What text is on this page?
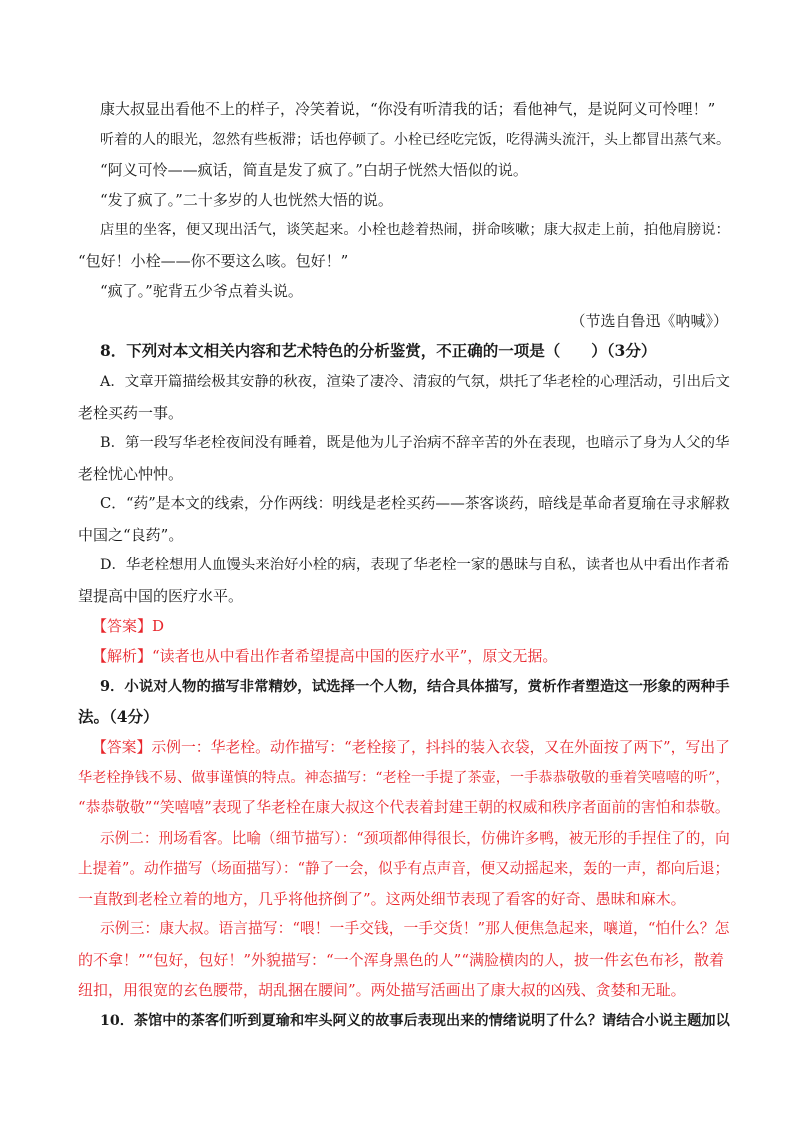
康大叔显出看他不上的样子，冷笑着说，“你没有听清我的话；看他神气，是说阿义可怜哩！”
听着的人的眼光，忽然有些板滞；话也停顿了。小栓已经吃完饭，吃得满头流汗，头上都冒出蒸气来。
“阿义可怜——疯话，简直是发了疯了。”白胡子恍然大悟似的说。
“发了疯了。”二十多岁的人也恍然大悟的说。
店里的坐客，便又现出活气，谈笑起来。小栓也趁着热闹，拼命咳嗽；康大叔走上前，拍他肩膀说：
“包好！小栓——你不要这么咳。包好！”
“疯了。”驼背五少爷点着头说。
（节选自鲁迅《呐喊》）
8．下列对本文相关内容和艺术特色的分析鉴赏，不正确的一项是（　　）（3分）
A．文章开篇描绘极其安静的秋夜，渲染了凄冷、清寂的气氛，烘托了华老栓的心理活动，引出后文
老栓买药一事。
B．第一段写华老栓夜间没有睡着，既是他为儿子治病不辞辛苦的外在表现，也暗示了身为人父的华
老栓忧心忡忡。
C．“药”是本文的线索，分作两线：明线是老栓买药——茶客谈药，暗线是革命者夏瑜在寻求解救
中国之“良药”。
D．华老栓想用人血馒头来治好小栓的病，表现了华老栓一家的愚昧与自私，读者也从中看出作者希
望提高中国的医疗水平。
【答案】D
【解析】“读者也从中看出作者希望提高中国的医疗水平”，原文无据。
9．小说对人物的描写非常精妙，试选择一个人物，结合具体描写，赏析作者塑造这一形象的两种手
法。（4分）
【答案】示例一：华老栓。动作描写：“老栓接了，抖抖的装入衣袋，又在外面按了两下”，写出了
华老栓挣钱不易、做事谨慎的特点。神态描写：“老栓一手提了茶壶，一手恭恭敬敬的垂着笑嘻嘻的听”，
“恭恭敬敬”“笑嘻嘻”表现了华老栓在康大叔这个代表着封建王朝的权威和秩序者面前的害怕和恭敬。
示例二：刑场看客。比喻（细节描写）：“颈项都伸得很长，仿佛许多鸭，被无形的手捏住了的，向
上提着”。动作描写（场面描写）：“静了一会，似乎有点声音，便又动摇起来，轰的一声，都向后退；
一直散到老栓立着的地方，几乎将他挤倒了”。这两处细节表现了看客的好奇、愚昧和麻木。
示例三：康大叔。语言描写：“喂！一手交钱，一手交货！”那人便焦急起来，嚷道，“怕什么？怎
的不拿！”“包好，包好！”外貌描写：“一个浑身黑色的人”“满脸横肉的人，披一件玄色布衫，散着
纽扣，用很宽的玄色腰带，胡乱捆在腰间”。两处描写活画出了康大叔的凶残、贪婪和无耻。
10．茶馆中的茶客们听到夏瑜和牢头阿义的故事后表现出来的情绪说明了什么？请结合小说主题加以
